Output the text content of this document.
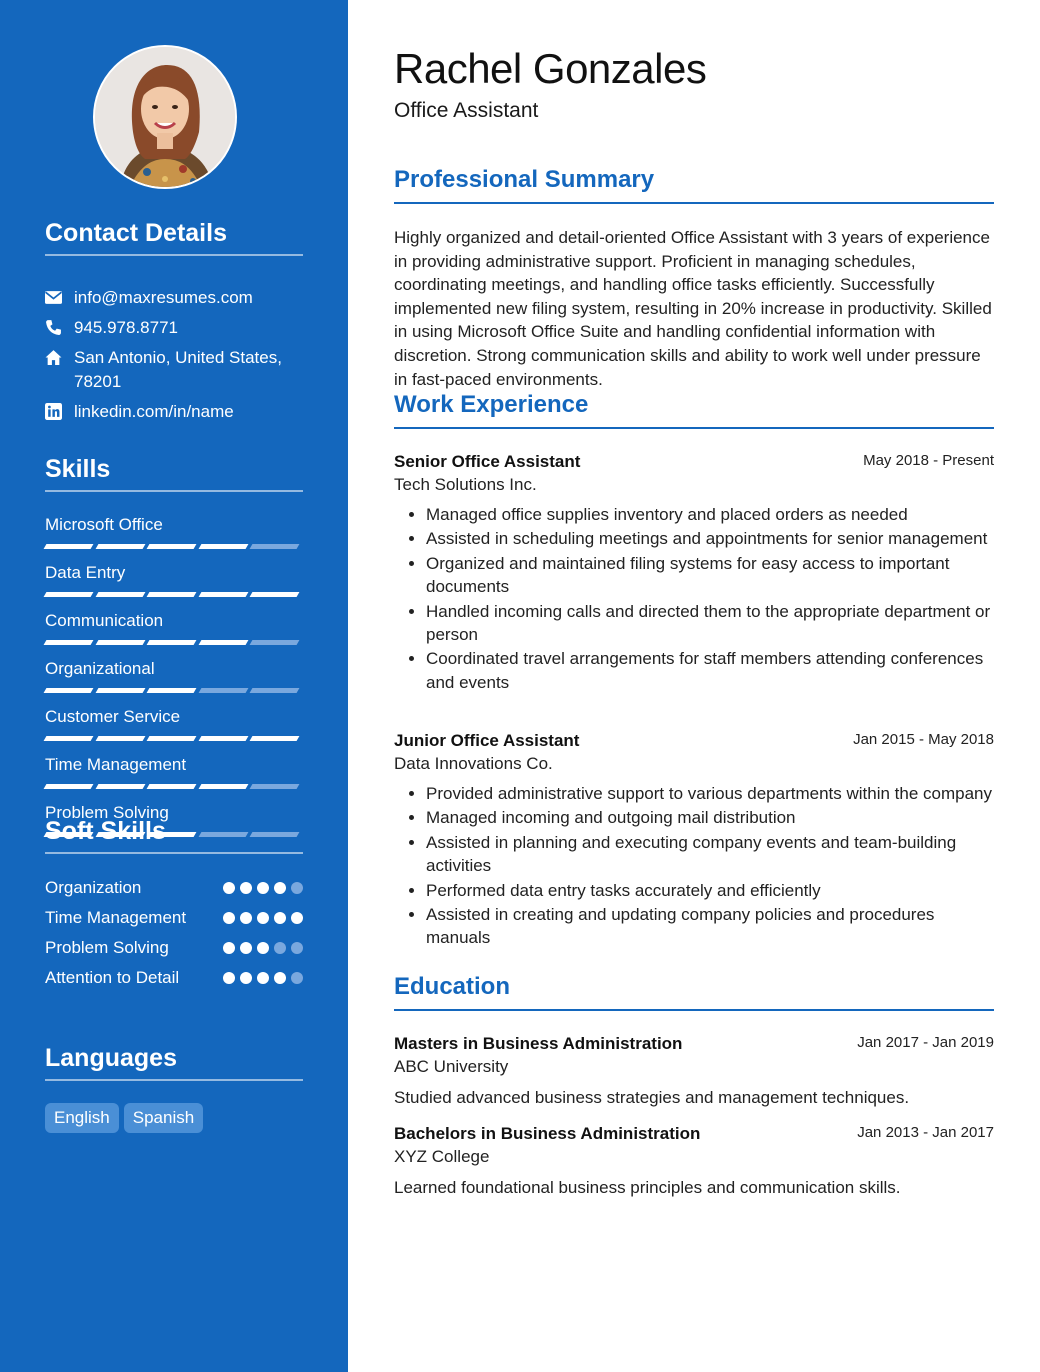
Contact Details
info@maxresumes.com
945.978.8771
San Antonio, United States, 78201
linkedin.com/in/name
Skills
Microsoft Office
Data Entry
Communication
Organizational
Customer Service
Time Management
Problem Solving
Soft Skills
Organization
Time Management
Problem Solving
Attention to Detail
Languages
English	Spanish
Rachel Gonzales
Office Assistant
Professional Summary
Highly organized and detail-oriented Office Assistant with 3 years of experience in providing administrative support. Proficient in managing schedules, coordinating meetings, and handling office tasks efficiently. Successfully implemented new filing system, resulting in 20% increase in productivity. Skilled in using Microsoft Office Suite and handling confidential information with discretion. Strong communication skills and ability to work well under pressure in fast-paced environments.
Work Experience
Senior Office Assistant	May 2018 - Present
Tech Solutions Inc.
• Managed office supplies inventory and placed orders as needed
• Assisted in scheduling meetings and appointments for senior management
• Organized and maintained filing systems for easy access to important documents
• Handled incoming calls and directed them to the appropriate department or person
• Coordinated travel arrangements for staff members attending conferences and events
Junior Office Assistant	Jan 2015 - May 2018
Data Innovations Co.
• Provided administrative support to various departments within the company
• Managed incoming and outgoing mail distribution
• Assisted in planning and executing company events and team-building activities
• Performed data entry tasks accurately and efficiently
• Assisted in creating and updating company policies and procedures manuals
Education
Masters in Business Administration	Jan 2017 - Jan 2019
ABC University
Studied advanced business strategies and management techniques.
Bachelors in Business Administration	Jan 2013 - Jan 2017
XYZ College
Learned foundational business principles and communication skills.
